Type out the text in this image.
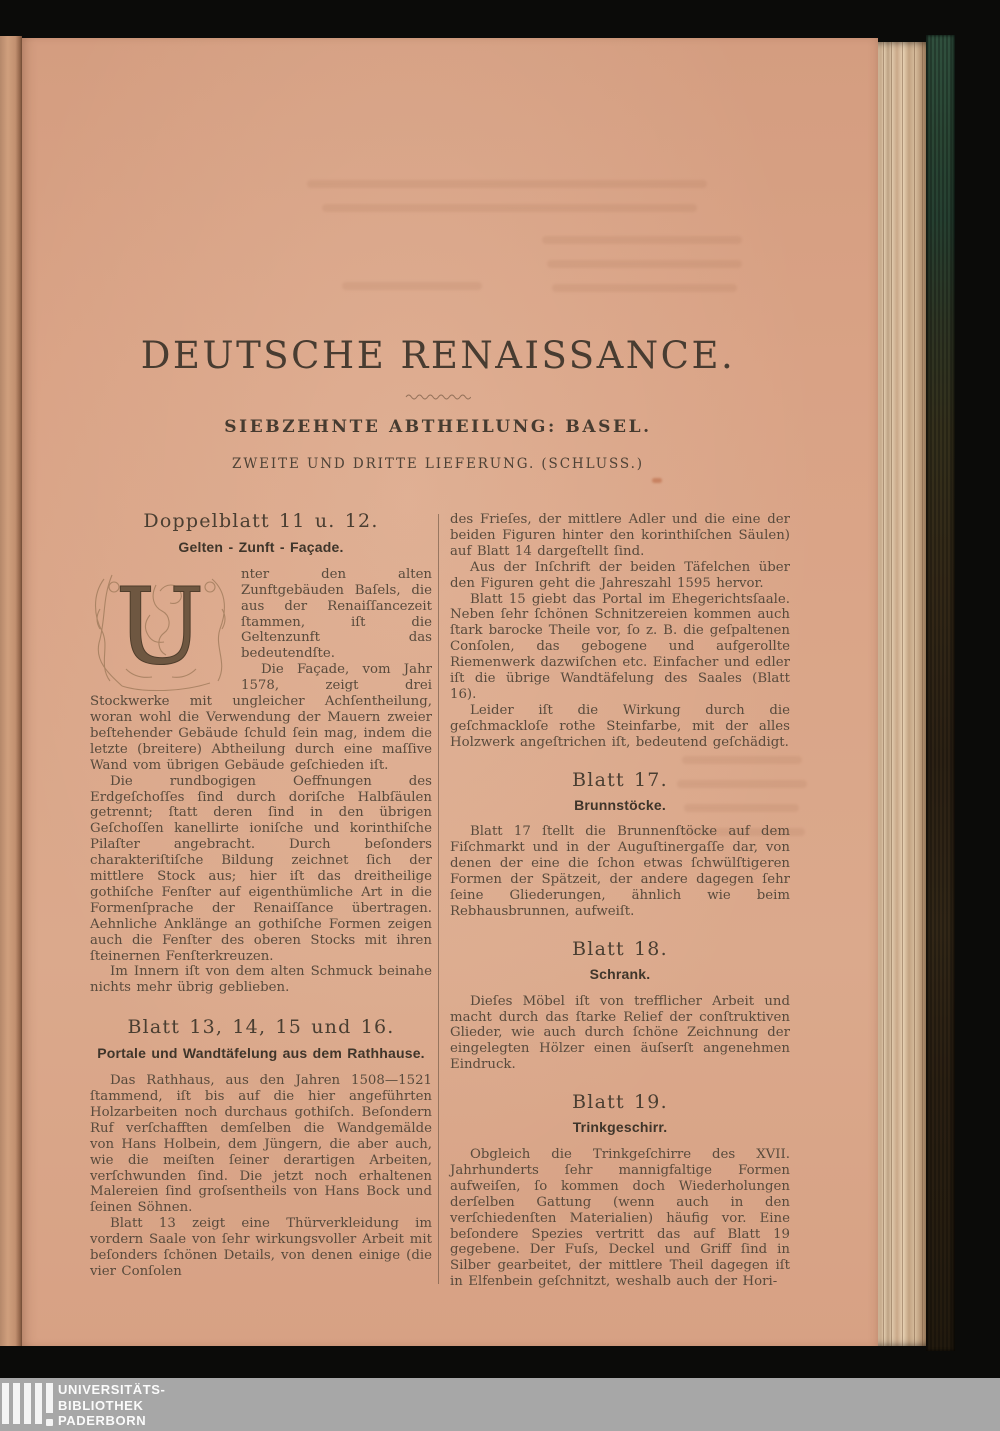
DEUTSCHE RENAISSANCE.
SIEBZEHNTE ABTHEILUNG: BASEL.
ZWEITE UND DRITTE LIEFERUNG. (SCHLUSS.)
Doppelblatt 11 u. 12.
Gelten - Zunft - Façade.

U	nter den alten Zunftgebäuden Baſels, die aus der Renaiſſancezeit ſtammen, iſt die Geltenzunft das bedeutendſte.

Die Façade, vom Jahr 1578, zeigt drei Stockwerke mit ungleicher Achſentheilung, woran wohl die Verwendung der Mauern zweier beſtehender Gebäude ſchuld ſein mag, indem die letzte (breitere) Abtheilung durch eine maſſive Wand vom übrigen Gebäude geſchieden iſt.

Die rundbogigen Oeffnungen des Erdgeſchoſſes ſind durch doriſche Halbſäulen getrennt; ſtatt deren ſind in den übrigen Geſchoſſen kanellirte ioniſche und korinthiſche Pilaſter angebracht. Durch beſonders charakteriſtiſche Bildung zeichnet ſich der mittlere Stock aus; hier iſt das dreitheilige gothiſche Fenſter auf eigenthümliche Art in die Formenſprache der Renaiſſance übertragen. Aehnliche Anklänge an gothiſche Formen zeigen auch die Fenſter des oberen Stocks mit ihren ſteinernen Fenſterkreuzen.

Im Innern iſt von dem alten Schmuck beinahe nichts mehr übrig geblieben.

Blatt 13, 14, 15 und 16.
Portale und Wandtäfelung aus dem Rathhause.

Das Rathhaus, aus den Jahren 1508—1521 ſtammend, iſt bis auf die hier angeführten Holzarbeiten noch durchaus gothiſch. Beſondern Ruf verſchafften demſelben die Wandgemälde von Hans Holbein, dem Jüngern, die aber auch, wie die meiſten ſeiner derartigen Arbeiten, verſchwunden ſind. Die jetzt noch erhaltenen Malereien ſind groſsentheils von Hans Bock und ſeinen Söhnen.

Blatt 13 zeigt eine Thürverkleidung im vordern Saale von ſehr wirkungsvoller Arbeit mit beſonders ſchönen Details, von denen einige (die vier Conſolen

des Frieſes, der mittlere Adler und die eine der beiden Figuren hinter den korinthiſchen Säulen) auf Blatt 14 dargeſtellt ſind.

Aus der Inſchrift der beiden Täfelchen über den Figuren geht die Jahreszahl 1595 hervor.

Blatt 15 giebt das Portal im Ehegerichtsſaale. Neben ſehr ſchönen Schnitzereien kommen auch ſtark barocke Theile vor, ſo z. B. die geſpaltenen Conſolen, das gebogene und aufgerollte Riemenwerk dazwiſchen etc. Einfacher und edler iſt die übrige Wandtäfelung des Saales (Blatt 16).

Leider iſt die Wirkung durch die geſchmackloſe rothe Steinfarbe, mit der alles Holzwerk angeſtrichen iſt, bedeutend geſchädigt.

Blatt 17.
Brunnstöcke.

Blatt 17 ſtellt die Brunnenſtöcke auf dem Fiſchmarkt und in der Auguſtinergaſſe dar, von denen der eine die ſchon etwas ſchwülſtigeren Formen der Spätzeit, der andere dagegen ſehr ſeine Gliederungen, ähnlich wie beim Rebhausbrunnen, aufweiſt.

Blatt 18.
Schrank.

Dieſes Möbel iſt von trefflicher Arbeit und macht durch das ſtarke Relief der conſtruktiven Glieder, wie auch durch ſchöne Zeichnung der eingelegten Hölzer einen äuſserſt angenehmen Eindruck.

Blatt 19.
Trinkgeschirr.

Obgleich die Trinkgeſchirre des XVII. Jahrhunderts ſehr mannigfaltige Formen aufweiſen, ſo kommen doch Wiederholungen derſelben Gattung (wenn auch in den verſchiedenſten Materialien) häufig vor. Eine beſondere Spezies vertritt das auf Blatt 19 gegebene. Der Fuſs, Deckel und Griff ſind in Silber gearbeitet, der mittlere Theil dagegen iſt in Elfenbein geſchnitzt, weshalb auch der Hori-

UNIVERSITÄTS-
BIBLIOTHEK
PADERBORN
